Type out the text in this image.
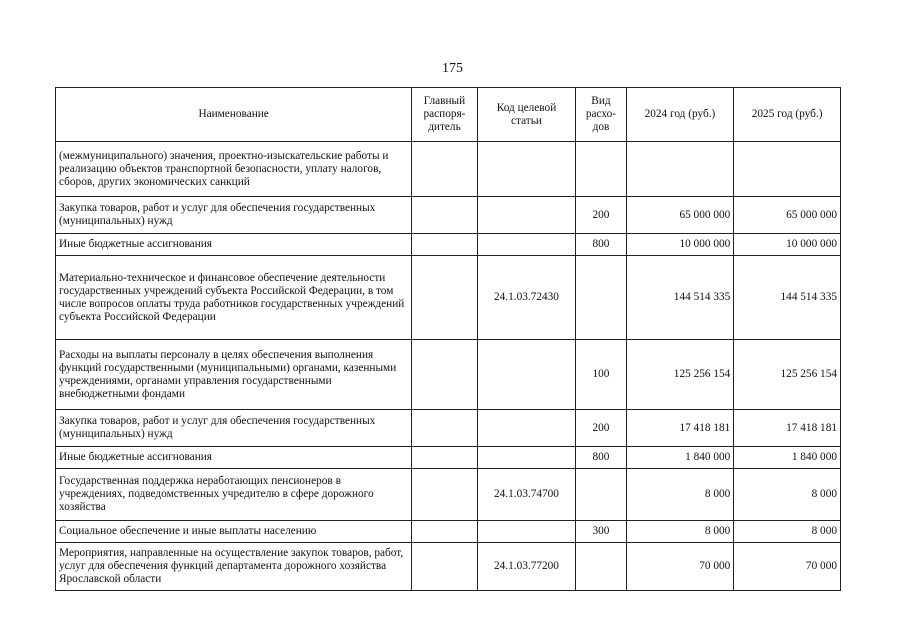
175
Наименование	Главный распоря-дитель	Код целевой статьи	Вид расхо-дов	2024 год (руб.)	2025 год (руб.)
(межмуниципального) значения, проектно-изыскательские работы и реализацию объектов транспортной безопасности, уплату налогов, сборов, других экономических санкций					
Закупка товаров, работ и услуг для обеспечения государственных (муниципальных) нужд			200	65 000 000	65 000 000
Иные бюджетные ассигнования			800	10 000 000	10 000 000
Материально-техническое и финансовое обеспечение деятельности государственных учреждений субъекта Российской Федерации, в том числе вопросов оплаты труда работников государственных учреждений субъекта Российской Федерации		24.1.03.72430		144 514 335	144 514 335
Расходы на выплаты персоналу в целях обеспечения выполнения функций государственными (муниципальными) органами, казенными учреждениями, органами управления государственными внебюджетными фондами			100	125 256 154	125 256 154
Закупка товаров, работ и услуг для обеспечения государственных (муниципальных) нужд			200	17 418 181	17 418 181
Иные бюджетные ассигнования			800	1 840 000	1 840 000
Государственная поддержка неработающих пенсионеров в учреждениях, подведомственных учредителю в сфере дорожного хозяйства		24.1.03.74700		8 000	8 000
Социальное обеспечение и иные выплаты населению			300	8 000	8 000
Мероприятия, направленные на осуществление закупок товаров, работ, услуг для обеспечения функций департамента дорожного хозяйства Ярославской области		24.1.03.77200		70 000	70 000
